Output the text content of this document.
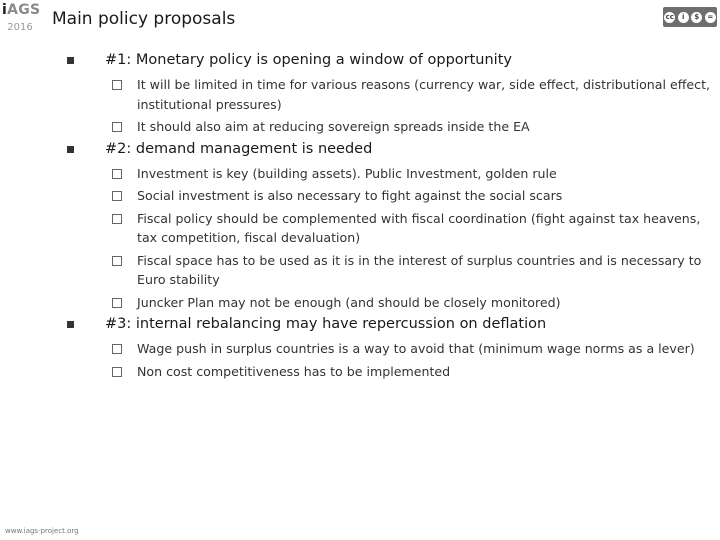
iAGS
2016	Main policy proposals	cc	i	$	=
#1: Monetary policy is opening a window of opportunity
It will be limited in time for various reasons (currency war, side effect, distributional effect, institutional pressures)
It should also aim at reducing sovereign spreads inside the EA
#2: demand management is needed
Investment is key (building assets). Public Investment, golden rule
Social investment is also necessary to fight against the social scars
Fiscal policy should be complemented with fiscal coordination (fight against tax heavens, tax competition, fiscal devaluation)
Fiscal space has to be used as it is in the interest of surplus countries and is necessary to Euro stability
Juncker Plan may not be enough (and should be closely monitored)
#3: internal rebalancing may have repercussion on deflation
Wage push in surplus countries is a way to avoid that (minimum wage norms as a lever)
Non cost competitiveness has to be implemented
www.iags-project.org
